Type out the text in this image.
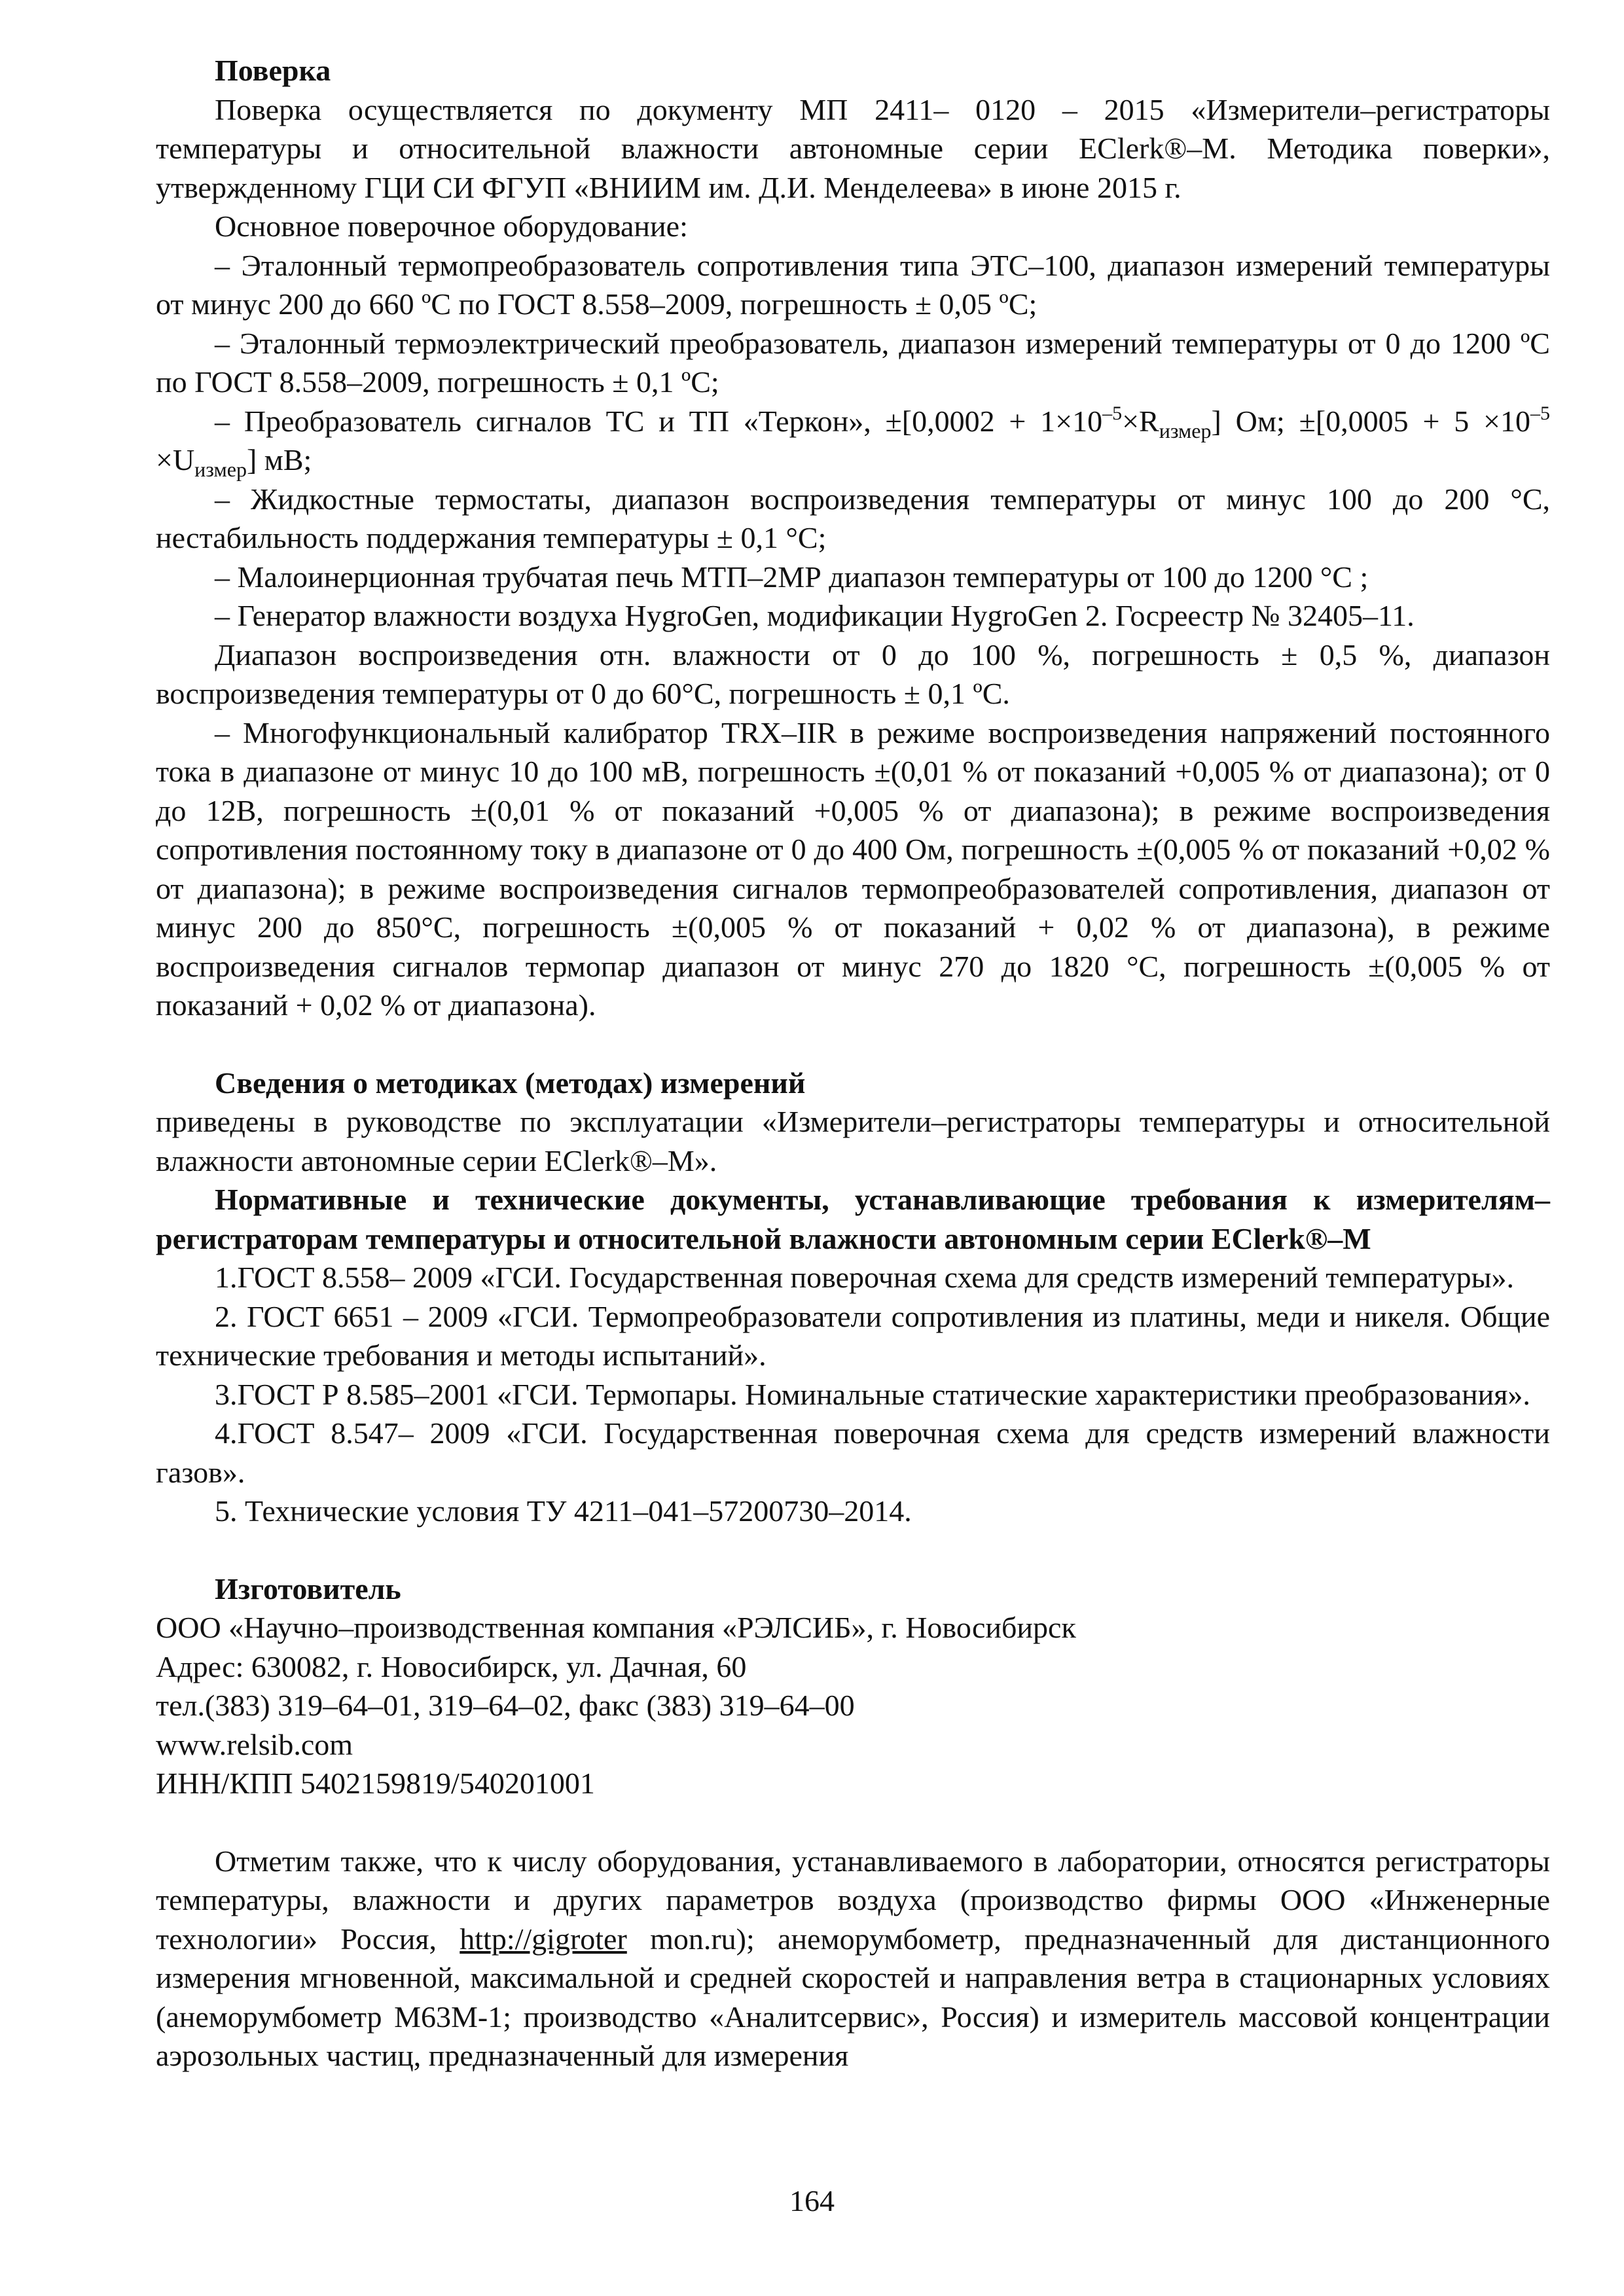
Поверка

Поверка осуществляется по документу МП 2411– 0120 – 2015 «Измерители–регистраторы температуры и относительной влажности автономные серии EClerk®–М. Методика поверки», утвержденному ГЦИ СИ ФГУП «ВНИИМ им. Д.И. Менделеева» в июне 2015 г.

Основное поверочное оборудование:

– Эталонный термопреобразователь сопротивления типа ЭТС–100, диапазон измерений температуры от минус 200 до 660 ºС по ГОСТ 8.558–2009, погрешность ± 0,05 ºС;

– Эталонный термоэлектрический преобразователь, диапазон измерений температуры от 0 до 1200 ºС по ГОСТ 8.558–2009, погрешность ± 0,1 ºС;

– Преобразователь сигналов ТС и ТП «Теркон», $\pm[0,0002 + 1\times 10^{-5}\times R_{измер}]$ Ом; $\pm[0,0005 + 5 \times 10^{-5} \times U_{измер}]$ мВ;

– Жидкостные термостаты, диапазон воспроизведения температуры от минус 100 до 200 °С, нестабильность поддержания температуры ± 0,1 °С;

– Малоинерционная трубчатая печь МТП–2МР диапазон температуры от 100 до 1200 °С ;

– Генератор влажности воздуха HygroGen, модификации HygroGen 2. Госреестр № 32405–11.

Диапазон воспроизведения отн. влажности от 0 до 100 %, погрешность ± 0,5 %, диапазон воспроизведения температуры от 0 до 60°С, погрешность ± 0,1 ºС.

– Многофункциональный калибратор TRX–IIR в режиме воспроизведения напряжений постоянного тока в диапазоне от минус 10 до 100 мВ, погрешность ±(0,01 % от показаний +0,005 % от диапазона); от 0 до 12В, погрешность ±(0,01 % от показаний +0,005 % от диапазона); в режиме воспроизведения сопротивления постоянному току в диапазоне от 0 до 400 Ом, погрешность ±(0,005 % от показаний +0,02 % от диапазона); в режиме воспроизведения сигналов термопреобразователей сопротивления, диапазон от минус 200 до 850°С, погрешность ±(0,005 % от показаний + 0,02 % от диапазона), в режиме воспроизведения сигналов термопар диапазон от минус 270 до 1820 °С, погрешность ±(0,005 % от показаний + 0,02 % от диапазона).

Сведения о методиках (методах) измерений

приведены в руководстве по эксплуатации «Измерители–регистраторы температуры и относительной влажности автономные серии EClerk®–М».

Нормативные и технические документы, устанавливающие требования к измерителям–регистраторам температуры и относительной влажности автономным серии EClerk®–М

1.ГОСТ 8.558– 2009 «ГСИ. Государственная поверочная схема для средств измерений температуры».

2. ГОСТ 6651 – 2009 «ГСИ. Термопреобразователи сопротивления из платины, меди и никеля. Общие технические требования и методы испытаний».

3.ГОСТ Р 8.585–2001 «ГСИ. Термопары. Номинальные статические характеристики преобразования».

4.ГОСТ 8.547– 2009 «ГСИ. Государственная поверочная схема для средств измерений влажности газов».

5. Технические условия ТУ 4211–041–57200730–2014.

Изготовитель

ООО «Научно–производственная компания «РЭЛСИБ», г. Новосибирск

Адрес: 630082, г. Новосибирск, ул. Дачная, 60

тел.(383) 319–64–01, 319–64–02, факс (383) 319–64–00

www.relsib.com

ИНН/КПП 5402159819/540201001

Отметим также, что к числу оборудования, устанавливаемого в лаборатории, относятся регистраторы температуры, влажности и других параметров воздуха (производство фирмы ООО «Инженерные технологии» Россия, http://gigroter mon.ru); анеморумбометр, предназначенный для дистанционного измерения мгновенной, максимальной и средней скоростей и направления ветра в стационарных условиях (анеморумбометр М63М-1; производство «Аналитсервис», Россия) и измеритель массовой концентрации аэрозольных частиц, предназначенный для измерения

164
